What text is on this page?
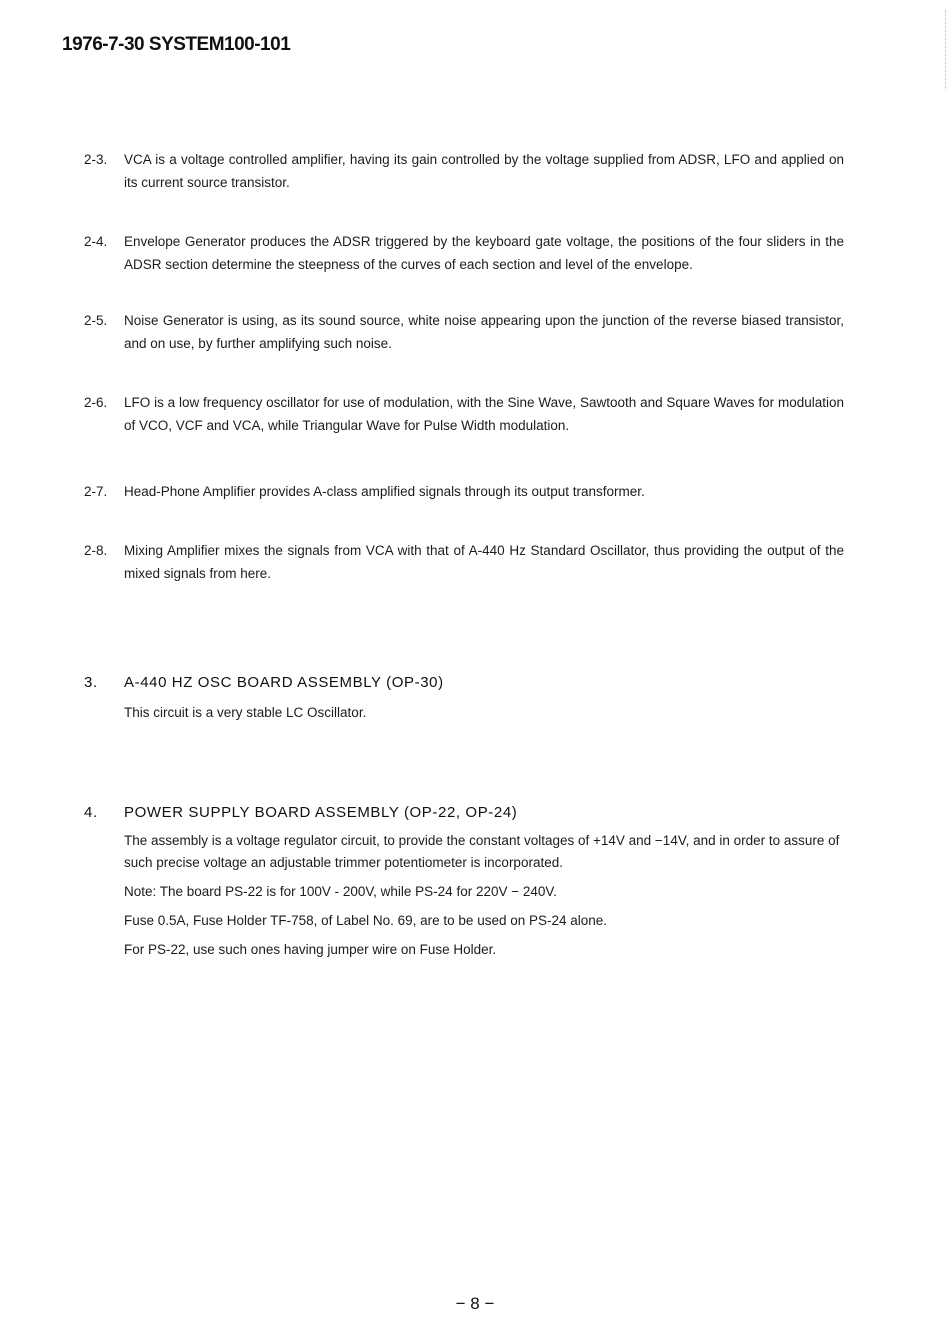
1976-7-30 SYSTEM100-101
2-3.	VCA is a voltage controlled amplifier, having its gain controlled by the voltage supplied from ADSR, LFO and applied on its current source transistor.
2-4.	Envelope Generator produces the ADSR triggered by the keyboard gate voltage, the positions of the four sliders in the ADSR section determine the steepness of the curves of each section and level of the envelope.
2-5.	Noise Generator is using, as its sound source, white noise appearing upon the junction of the reverse biased transistor, and on use, by further amplifying such noise.
2-6.	LFO is a low frequency oscillator for use of modulation, with the Sine Wave, Sawtooth and Square Waves for modulation of VCO, VCF and VCA, while Triangular Wave for Pulse Width modulation.
2-7.	Head-Phone Amplifier provides A-class amplified signals through its output transformer.
2-8.	Mixing Amplifier mixes the signals from VCA with that of A-440 Hz Standard Oscillator, thus providing the output of the mixed signals from here.
3. A-440 HZ OSC BOARD ASSEMBLY (OP-30)

This circuit is a very stable LC Oscillator.

4. POWER SUPPLY BOARD ASSEMBLY (OP-22, OP-24)

The assembly is a voltage regulator circuit, to provide the constant voltages of +14V and −14V, and in order to assure of such precise voltage an adjustable trimmer potentiometer is incorporated.

Note: The board PS-22 is for 100V - 200V, while PS-24 for 220V − 240V.

Fuse 0.5A, Fuse Holder TF-758, of Label No. 69, are to be used on PS-24 alone.

For PS-22, use such ones having jumper wire on Fuse Holder.

− 8 −
